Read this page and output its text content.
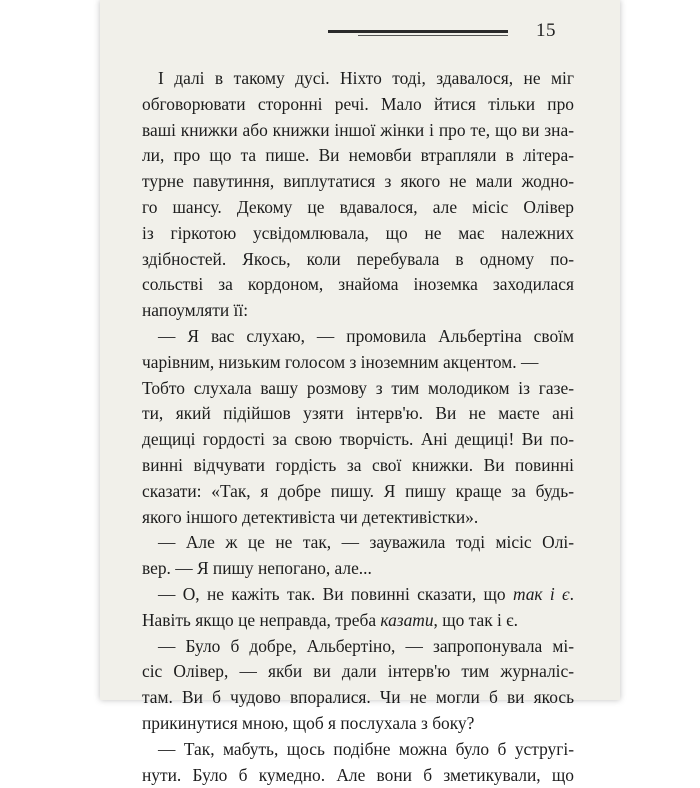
15
І далі в такому дусі. Ніхто тоді, здавалося, не міг
обговорювати сторонні речі. Мало йтися тільки про
ваші книжки або книжки іншої жінки і про те, що ви зна-
ли, про що та пише. Ви немовби втрапляли в літера-
турне павутиння, виплутатися з якого не мали жодно-
го шансу. Декому це вдавалося, але місіс Олівер
із гіркотою усвідомлювала, що не має належних
здібностей. Якось, коли перебувала в одному по-
сольстві за кордоном, знайома іноземка заходилася
напоумляти її:
— Я вас слухаю, — промовила Альбертіна своїм
чарівним, низьким голосом з іноземним акцентом. —
Тобто слухала вашу розмову з тим молодиком із газе-
ти, який підійшов узяти інтерв'ю. Ви не маєте ані
дещиці гордості за свою творчість. Ані дещиці! Ви по-
винні відчувати гордість за свої книжки. Ви повинні
сказати: «Так, я добре пишу. Я пишу краще за будь-
якого іншого детективіста чи детективістки».
— Але ж це не так, — зауважила тоді місіс Олі-
вер. — Я пишу непогано, але...
— О, не кажіть так. Ви повинні сказати, що так і є.
Навіть якщо це неправда, треба казати, що так і є.
— Було б добре, Альбертіно, — запропонувала мі-
сіс Олівер, — якби ви дали інтерв'ю тим журналіс-
там. Ви б чудово впоралися. Чи не могли б ви якось
прикинутися мною, щоб я послухала з боку?
— Так, мабуть, щось подібне можна було б устругі-
нути. Було б кумедно. Але вони б зметикували, що
